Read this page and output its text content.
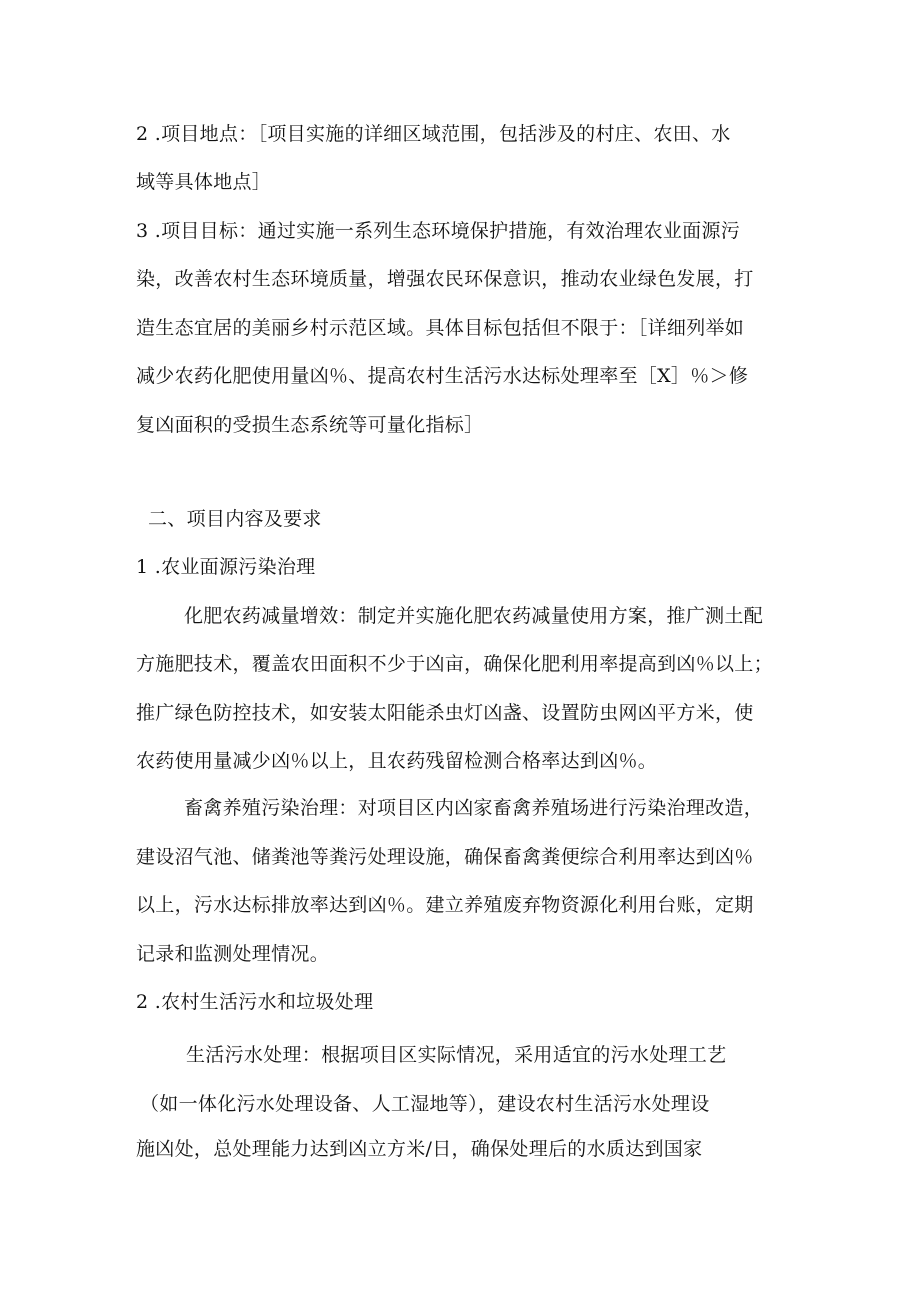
2 .项目地点：［项目实施的详细区域范围，包括涉及的村庄、农田、水
域等具体地点］
3 .项目目标：通过实施一系列生态环境保护措施，有效治理农业面源污
染，改善农村生态环境质量，增强农民环保意识，推动农业绿色发展，打
造生态宜居的美丽乡村示范区域。具体目标包括但不限于：［详细列举如
减少农药化肥使用量凶％、提高农村生活污水达标处理率至［X］％＞修
复凶面积的受损生态系统等可量化指标］
二、项目内容及要求
1 .农业面源污染治理
化肥农药减量增效：制定并实施化肥农药减量使用方案，推广测土配
方施肥技术，覆盖农田面积不少于凶亩，确保化肥利用率提高到凶％以上；
推广绿色防控技术，如安装太阳能杀虫灯凶盏、设置防虫网凶平方米，使
农药使用量减少凶％以上，且农药残留检测合格率达到凶％。
畜禽养殖污染治理：对项目区内凶家畜禽养殖场进行污染治理改造，
建设沼气池、储粪池等粪污处理设施，确保畜禽粪便综合利用率达到凶％
以上，污水达标排放率达到凶％。建立养殖废弃物资源化利用台账，定期
记录和监测处理情况。
2 .农村生活污水和垃圾处理
生活污水处理：根据项目区实际情况，采用适宜的污水处理工艺
（如一体化污水处理设备、人工湿地等），建设农村生活污水处理设
施凶处，总处理能力达到凶立方米/日，确保处理后的水质达到国家
